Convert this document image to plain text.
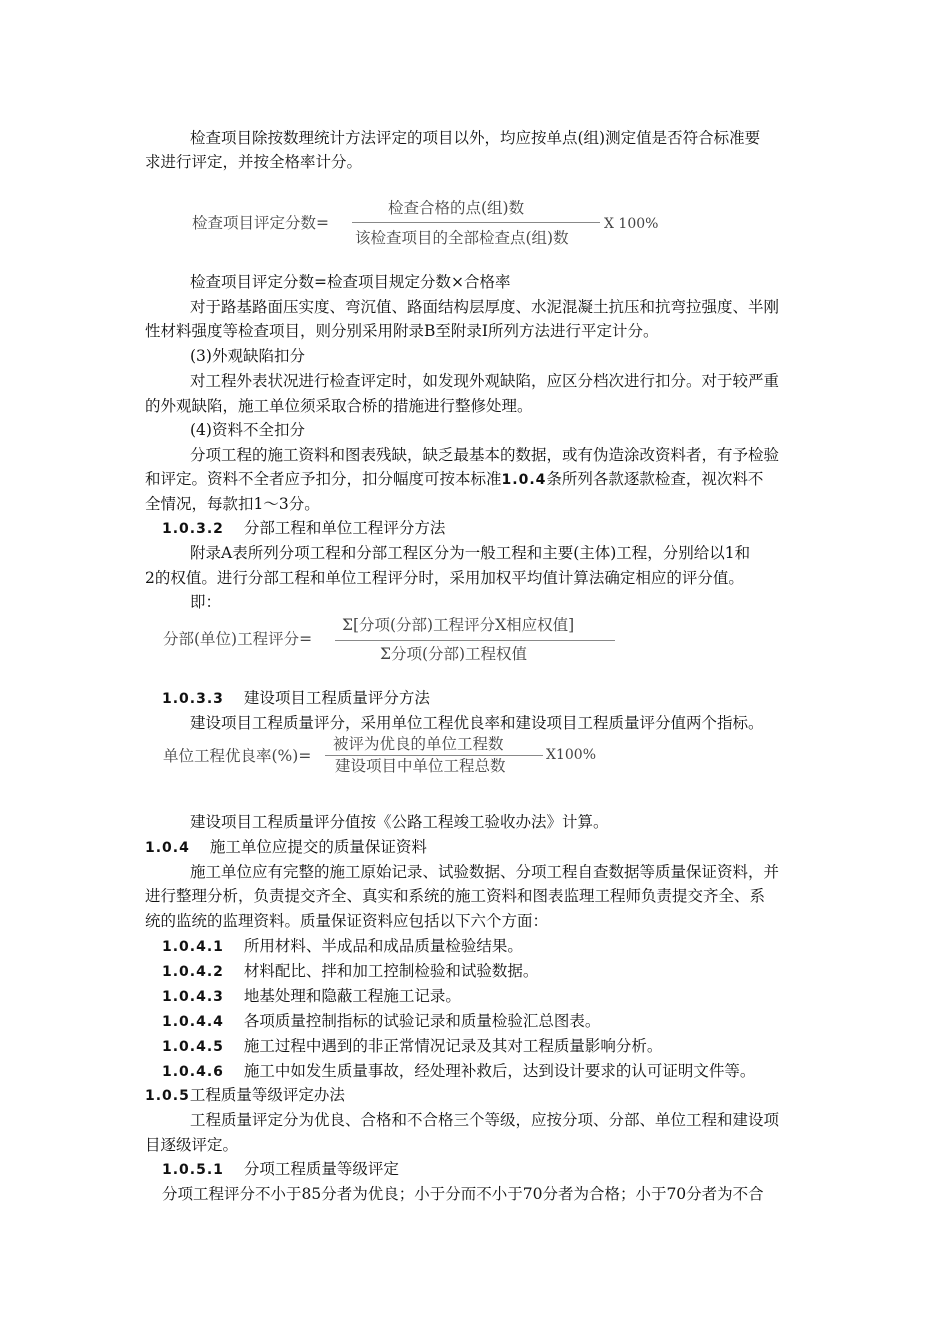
检查项目除按数理统计方法评定的项目以外，均应按单点(组)测定值是否符合标准要
求进行评定，并按全格率计分。
检查项目评定分数=
检查合格的点(组)数
该检查项目的全部检查点(组)数
X 100%
检查项目评定分数=检查项目规定分数×合格率
对于路基路面压实度、弯沉值、路面结构层厚度、水泥混凝土抗压和抗弯拉强度、半刚
性材料强度等检查项目，则分别采用附录B至附录Ⅰ所列方法进行平定计分。
(3)外观缺陷扣分
对工程外表状况进行检查评定时，如发现外观缺陷，应区分档次进行扣分。对于较严重
的外观缺陷，施工单位须采取合桥的措施进行整修处理。
(4)资料不全扣分
分项工程的施工资料和图表残缺，缺乏最基本的数据，或有伪造涂改资料者，有予检验
和评定。资料不全者应予扣分，扣分幅度可按本标准1.0.4条所列各款逐款检查，视次料不
全情况，每款扣1～3分。
1.0.3.2 分部工程和单位工程评分方法
附录A表所列分项工程和分部工程区分为一般工程和主要(主体)工程，分别给以1和
2的权值。进行分部工程和单位工程评分时，采用加权平均值计算法确定相应的评分值。
即：
分部(单位)工程评分=
Σ[分项(分部)工程评分X相应权值]
Σ分项(分部)工程权值
1.0.3.3 建设项目工程质量评分方法
建设项目工程质量评分，采用单位工程优良率和建设项目工程质量评分值两个指标。
单位工程优良率(%)=
被评为优良的单位工程数
建设项目中单位工程总数
X100%
建设项目工程质量评分值按《公路工程竣工验收办法》计算。
1.0.4 施工单位应提交的质量保证资料
施工单位应有完整的施工原始记录、试验数据、分项工程自查数据等质量保证资料，并
进行整理分析，负责提交齐全、真实和系统的施工资料和图表监理工程师负责提交齐全、系
统的监统的监理资料。质量保证资料应包括以下六个方面：
1.0.4.1 所用材料、半成品和成品质量检验结果。
1.0.4.2 材料配比、拌和加工控制检验和试验数据。
1.0.4.3 地基处理和隐蔽工程施工记录。
1.0.4.4 各项质量控制指标的试验记录和质量检验汇总图表。
1.0.4.5 施工过程中遇到的非正常情况记录及其对工程质量影响分析。
1.0.4.6 施工中如发生质量事故，经处理补救后，达到设计要求的认可证明文件等。
1.0.5工程质量等级评定办法
工程质量评定分为优良、合格和不合格三个等级，应按分项、分部、单位工程和建设项
目逐级评定。
1.0.5.1 分项工程质量等级评定
分项工程评分不小于85分者为优良；小于分而不小于70分者为合格；小于70分者为不合
